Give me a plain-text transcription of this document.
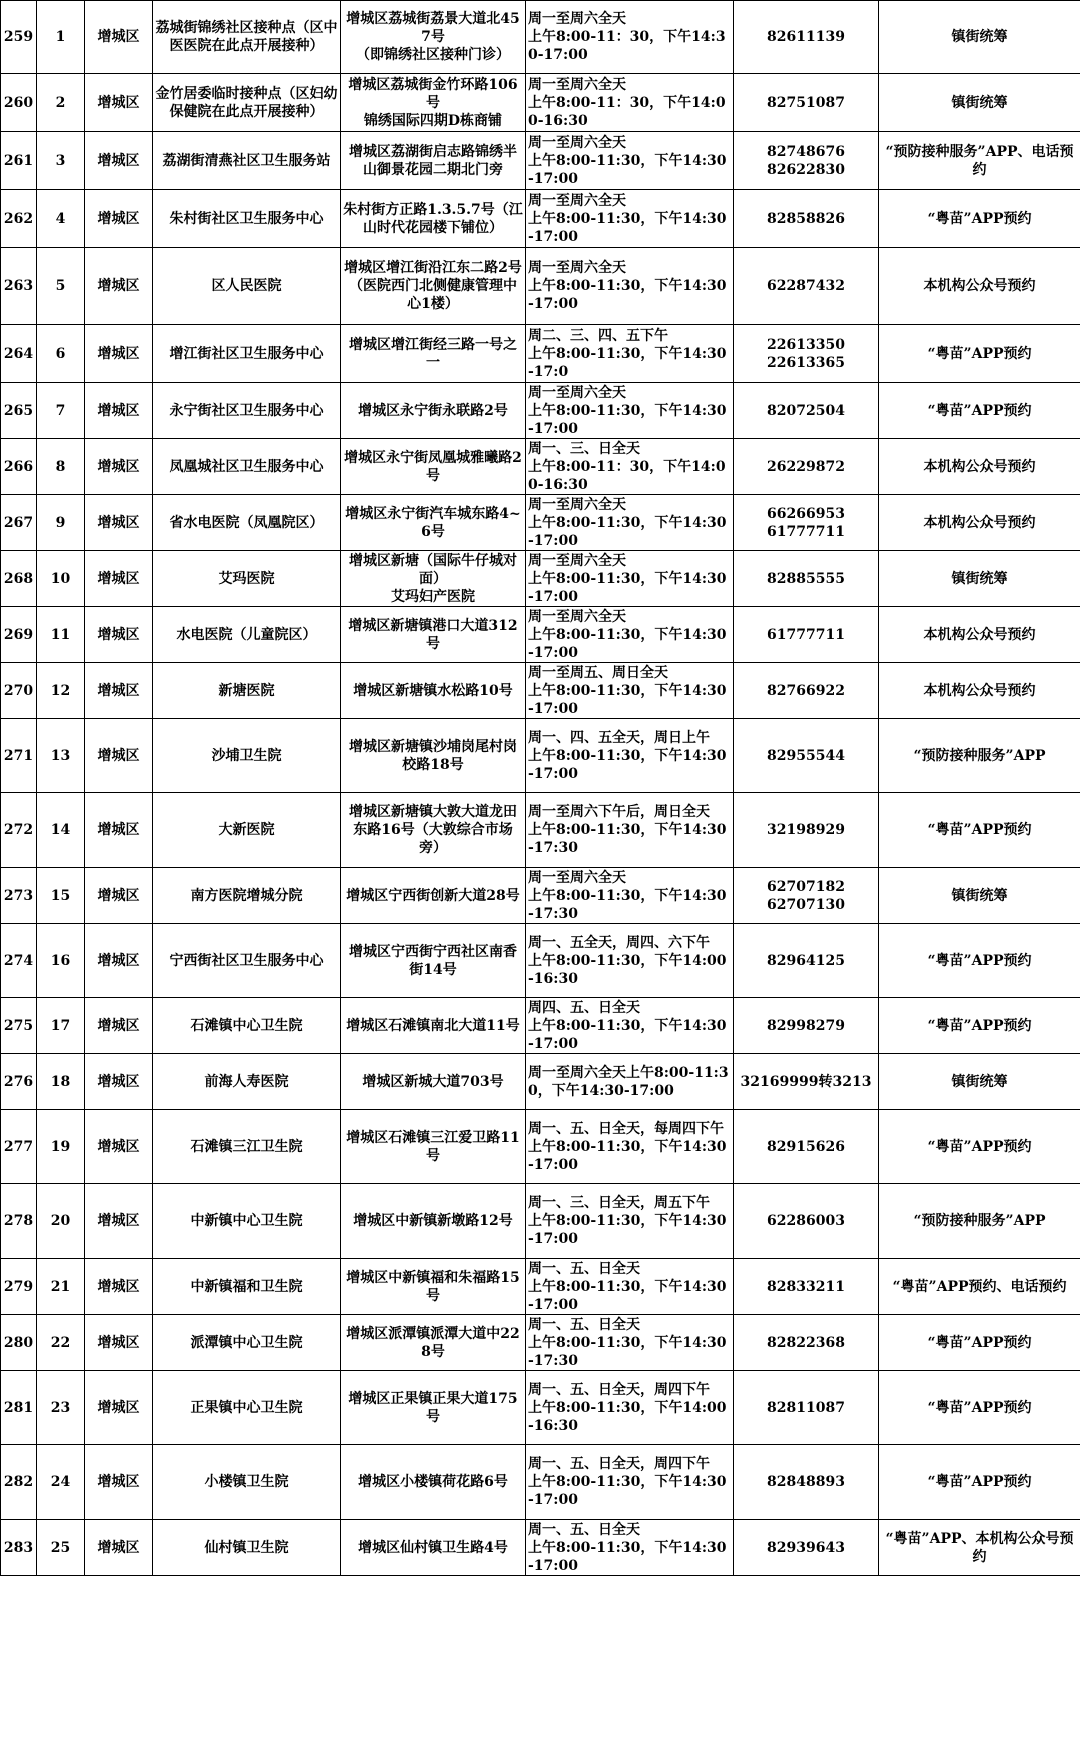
259	1	增城区	荔城街锦绣社区接种点（区中医医院在此点开展接种）	增城区荔城街荔景大道北457号
（即锦绣社区接种门诊）	周一至周六全天
上午8:00-11：30，下午14:30-17:00	82611139	镇街统筹
260	2	增城区	金竹居委临时接种点（区妇幼保健院在此点开展接种）	增城区荔城街金竹环路106号
锦绣国际四期D栋商铺	周一至周六全天
上午8:00-11：30，下午14:00-16:30	82751087	镇街统筹
261	3	增城区	荔湖街清燕社区卫生服务站	增城区荔湖街启志路锦绣半山御景花园二期北门旁	周一至周六全天
上午8:00-11:30，下午14:30-17:00	82748676
82622830	“预防接种服务”APP、电话预约
262	4	增城区	朱村街社区卫生服务中心	朱村街方正路1.3.5.7号（江山时代花园楼下铺位）	周一至周六全天
上午8:00-11:30，下午14:30-17:00	82858826	“粤苗”APP预约
263	5	增城区	区人民医院	增城区增江街沿江东二路2号
（医院西门北侧健康管理中心1楼）	周一至周六全天
上午8:00-11:30，下午14:30-17:00	62287432	本机构公众号预约
264	6	增城区	增江街社区卫生服务中心	增城区增江街经三路一号之一	周二、三、四、五下午
上午8:00-11:30，下午14:30-17:0	22613350
22613365	“粤苗”APP预约
265	7	增城区	永宁街社区卫生服务中心	增城区永宁街永联路2号	周一至周六全天
上午8:00-11:30，下午14:30-17:00	82072504	“粤苗”APP预约
266	8	增城区	凤凰城社区卫生服务中心	增城区永宁街凤凰城雅曦路2号	周一、三、日全天
上午8:00-11：30，下午14:00-16:30	26229872	本机构公众号预约
267	9	增城区	省水电医院（凤凰院区）	增城区永宁街汽车城东路4~6号	周一至周六全天
上午8:00-11:30，下午14:30-17:00	66266953
61777711	本机构公众号预约
268	10	增城区	艾玛医院	增城区新塘（国际牛仔城对面）
艾玛妇产医院	周一至周六全天
上午8:00-11:30，下午14:30-17:00	82885555	镇街统筹
269	11	增城区	水电医院（儿童院区）	增城区新塘镇港口大道312号	周一至周六全天
上午8:00-11:30，下午14:30-17:00	61777711	本机构公众号预约
270	12	增城区	新塘医院	增城区新塘镇水松路10号	周一至周五、周日全天
上午8:00-11:30，下午14:30-17:00	82766922	本机构公众号预约
271	13	增城区	沙埔卫生院	增城区新塘镇沙埔岗尾村岗校路18号	周一、四、五全天，周日上午
上午8:00-11:30，下午14:30-17:00	82955544	“预防接种服务”APP
272	14	增城区	大新医院	增城区新塘镇大敦大道龙田东路16号（大敦综合市场旁）	周一至周六下午后，周日全天
上午8:00-11:30，下午14:30-17:30	32198929	“粤苗”APP预约
273	15	增城区	南方医院增城分院	增城区宁西街创新大道28号	周一至周六全天
上午8:00-11:30，下午14:30-17:30	62707182
62707130	镇街统筹
274	16	增城区	宁西街社区卫生服务中心	增城区宁西街宁西社区南香街14号	周一、五全天，周四、六下午
上午8:00-11:30，下午14:00-16:30	82964125	“粤苗”APP预约
275	17	增城区	石滩镇中心卫生院	增城区石滩镇南北大道11号	周四、五、日全天
上午8:00-11:30，下午14:30-17:00	82998279	“粤苗”APP预约
276	18	增城区	前海人寿医院	增城区新城大道703号	周一至周六全天上午8:00-11:30，下午14:30-17:00	32169999转3213	镇街统筹
277	19	增城区	石滩镇三江卫生院	增城区石滩镇三江爱卫路11号	周一、五、日全天，每周四下午
上午8:00-11:30，下午14:30-17:00	82915626	“粤苗”APP预约
278	20	增城区	中新镇中心卫生院	增城区中新镇新墩路12号	周一、三、日全天，周五下午
上午8:00-11:30，下午14:30-17:00	62286003	“预防接种服务”APP
279	21	增城区	中新镇福和卫生院	增城区中新镇福和朱福路15号	周一、五、日全天
上午8:00-11:30，下午14:30-17:00	82833211	“粤苗”APP预约、电话预约
280	22	增城区	派潭镇中心卫生院	增城区派潭镇派潭大道中228号	周一、五、日全天
上午8:00-11:30，下午14:30-17:30	82822368	“粤苗”APP预约
281	23	增城区	正果镇中心卫生院	增城区正果镇正果大道175号	周一、五、日全天，周四下午
上午8:00-11:30，下午14:00-16:30	82811087	“粤苗”APP预约
282	24	增城区	小楼镇卫生院	增城区小楼镇荷花路6号	周一、五、日全天，周四下午
上午8:00-11:30，下午14:30-17:00	82848893	“粤苗”APP预约
283	25	增城区	仙村镇卫生院	增城区仙村镇卫生路4号	周一、五、日全天
上午8:00-11:30，下午14:30-17:00	82939643	“粤苗”APP、本机构公众号预约
